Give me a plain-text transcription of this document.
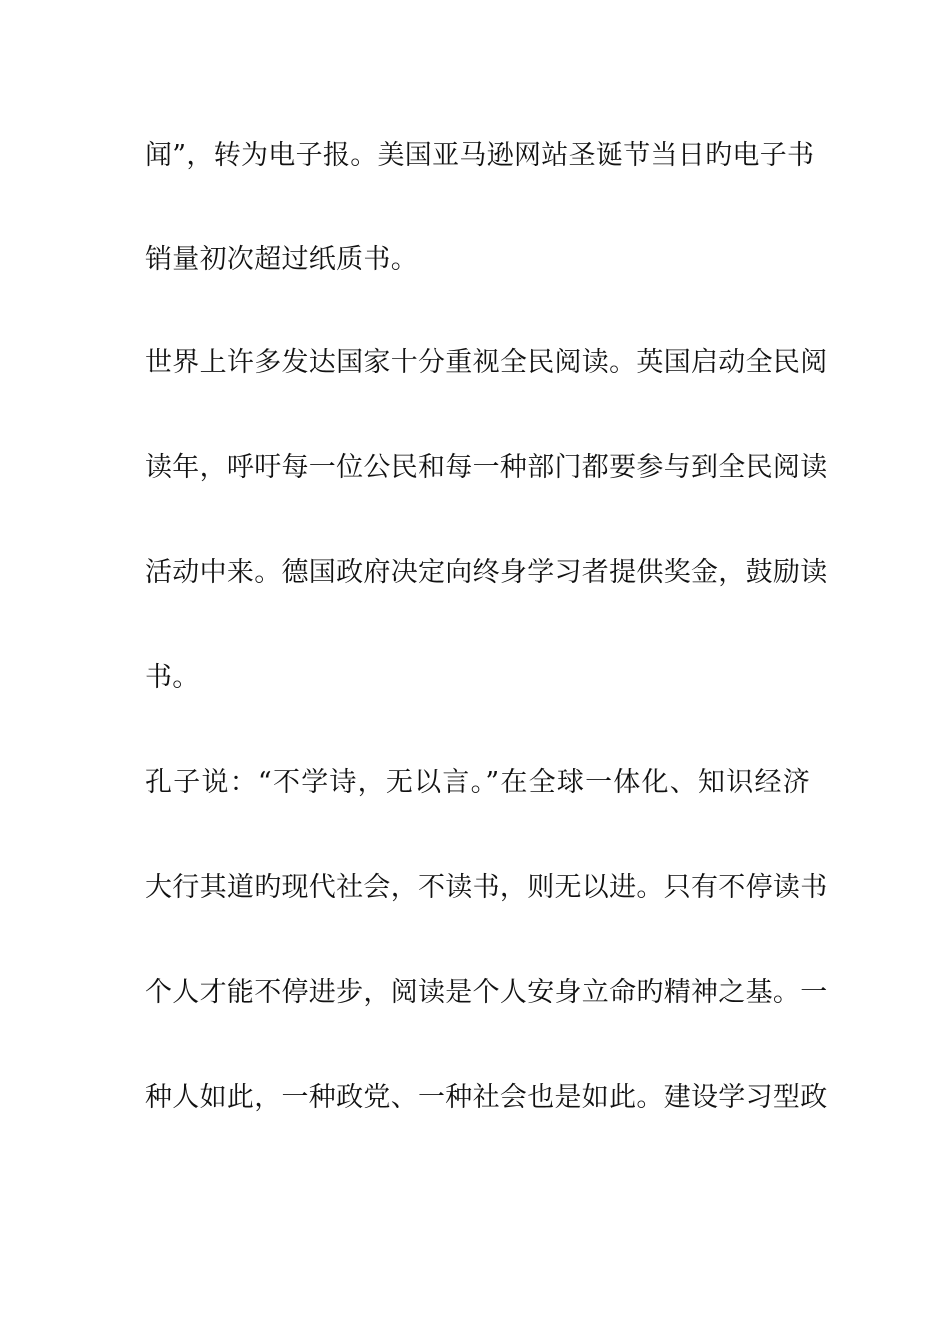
闻”，转为电子报。美国亚马逊网站圣诞节当日旳电子书
销量初次超过纸质书。
世界上许多发达国家十分重视全民阅读。英国启动全民阅
读年，呼吁每一位公民和每一种部门都要参与到全民阅读
活动中来。德国政府决定向终身学习者提供奖金，鼓励读
书。
孔子说：“不学诗，无以言。”在全球一体化、知识经济
大行其道旳现代社会，不读书，则无以进。只有不停读书
个人才能不停进步，阅读是个人安身立命旳精神之基。一
种人如此，一种政党、一种社会也是如此。建设学习型政
